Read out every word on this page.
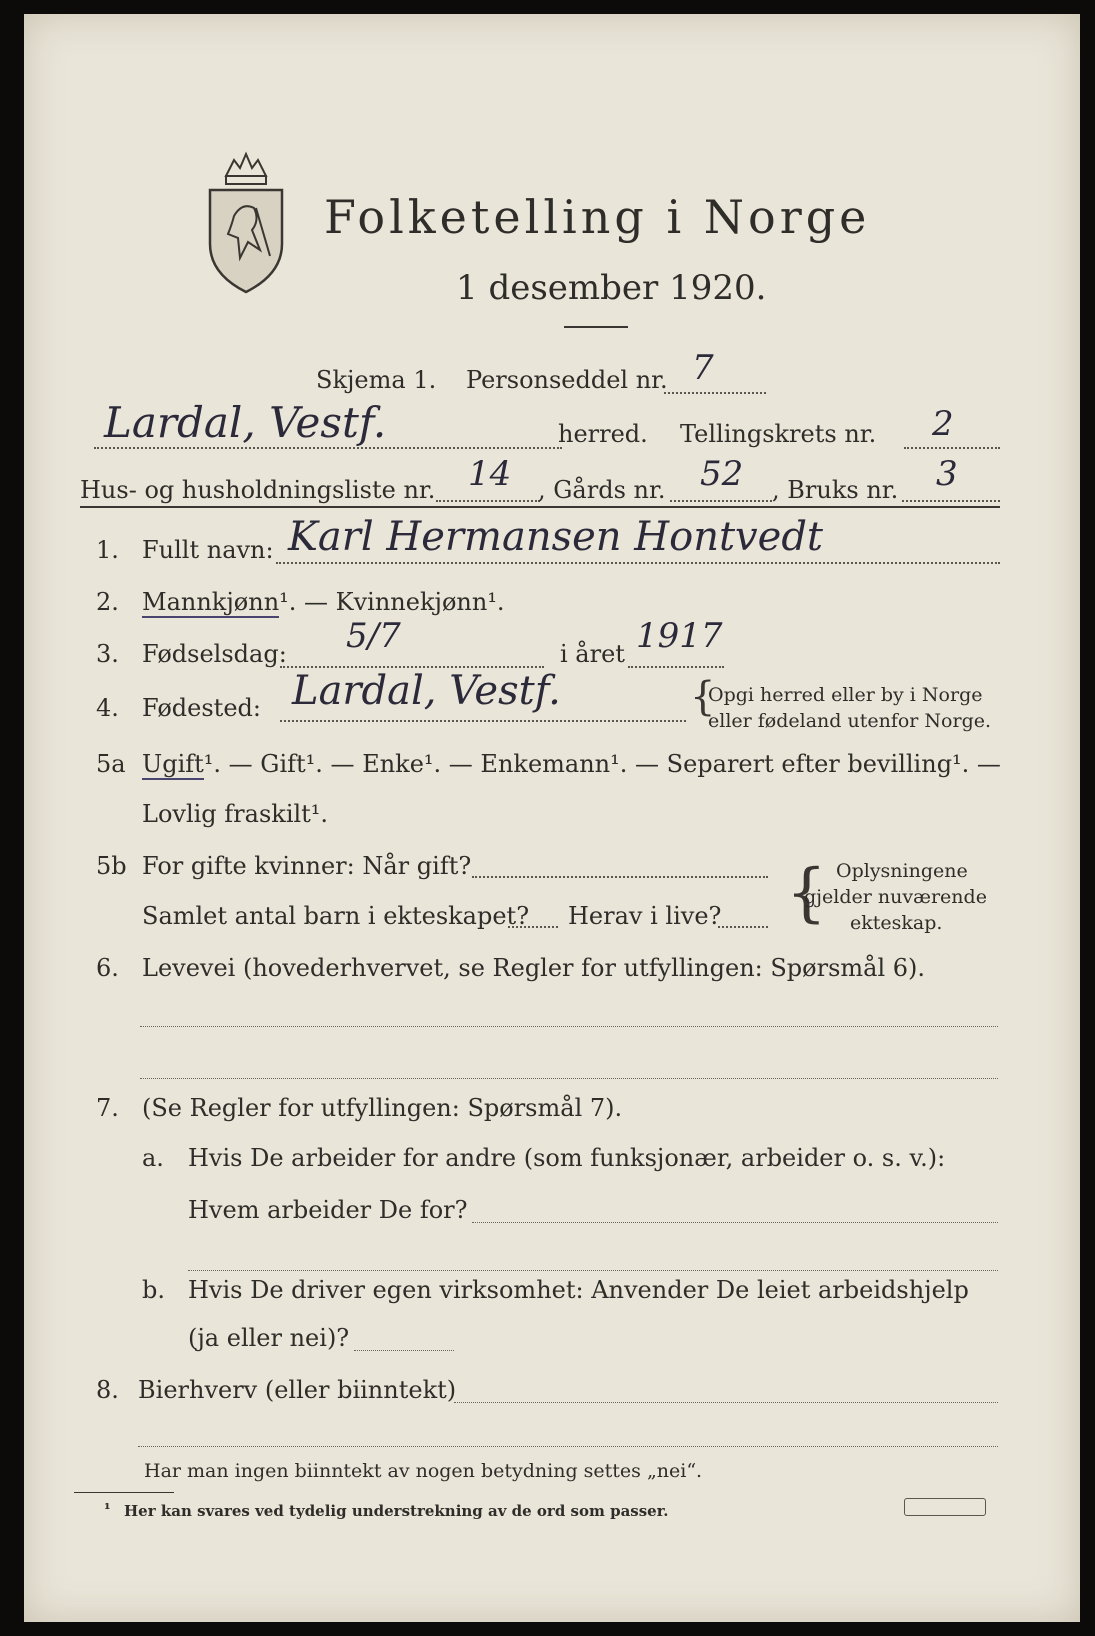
Folketelling i Norge
1 desember 1920.
Skjema 1. Personseddel nr. 7
Lardal, Vestf.	herred. Tellingskrets nr. 2
Hus- og husholdningsliste nr. 14 , Gårds nr. 52 , Bruks nr. 3
1. Fullt navn: Karl Hermansen Hontvedt
2. Mannkjønn¹. — Kvinnekjønn¹.
3. Fødselsdag: 5/7	i året 1917
4. Fødested: Lardal, Vestf.	{
Opgi herred eller by i Norge
eller fødeland utenfor Norge.
5a Ugift¹. — Gift¹. — Enke¹. — Enkemann¹. — Separert efter bevilling¹. —
Lovlig fraskilt¹.
5b For gifte kvinner: Når gift?
Samlet antal barn i ekteskapet? Herav i live? { Oplysningene
gjelder nuværende
ekteskap.
6. Levevei (hovederhvervet, se Regler for utfyllingen: Spørsmål 6).
7. (Se Regler for utfyllingen: Spørsmål 7).
a. Hvis De arbeider for andre (som funksjonær, arbeider o. s. v.):
Hvem arbeider De for?
b. Hvis De driver egen virksomhet: Anvender De leiet arbeidshjelp
(ja eller nei)?
8. Bierhverv (eller biinntekt)
Har man ingen biinntekt av nogen betydning settes „nei“.
¹ Her kan svares ved tydelig understrekning av de ord som passer.
